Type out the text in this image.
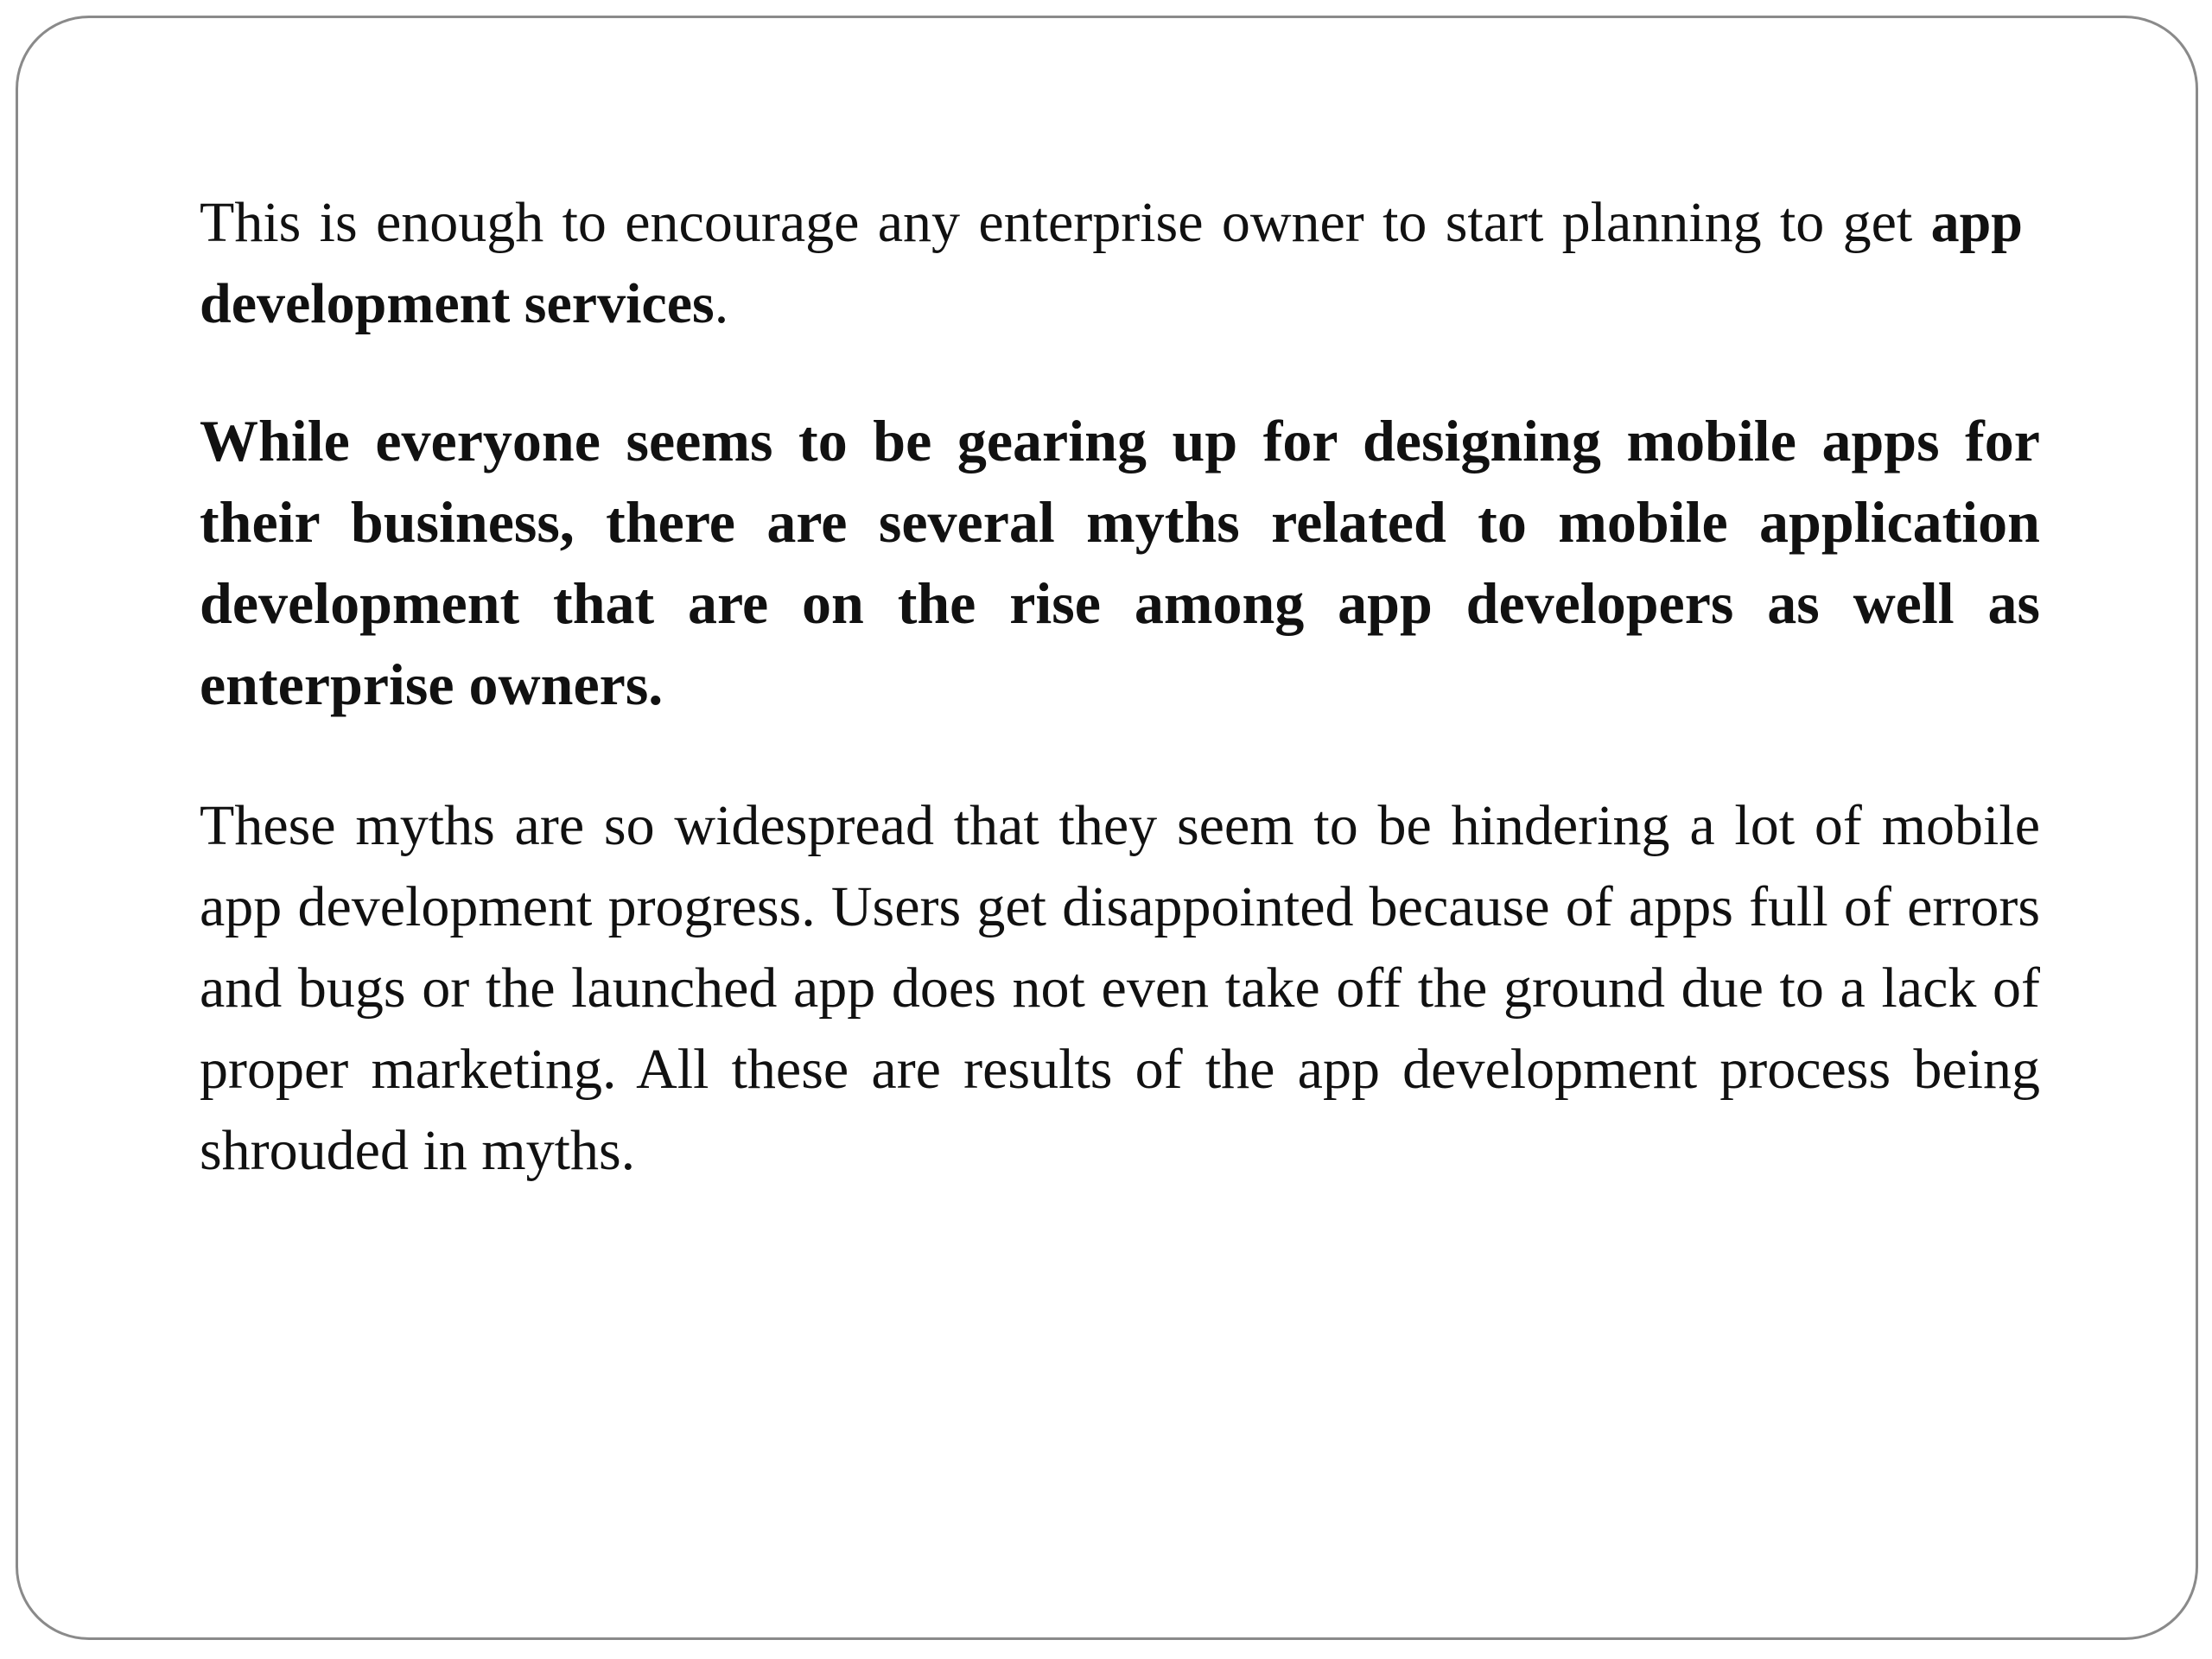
This is enough to encourage any enterprise owner to start planning to get app development services.

While everyone seems to be gearing up for designing mobile apps for their business, there are several myths related to mobile application development that are on the rise among app developers as well as enterprise owners.

These myths are so widespread that they seem to be hindering a lot of mobile app development progress. Users get disappointed because of apps full of errors and bugs or the launched app does not even take off the ground due to a lack of proper marketing. All these are results of the app development process being shrouded in myths.
